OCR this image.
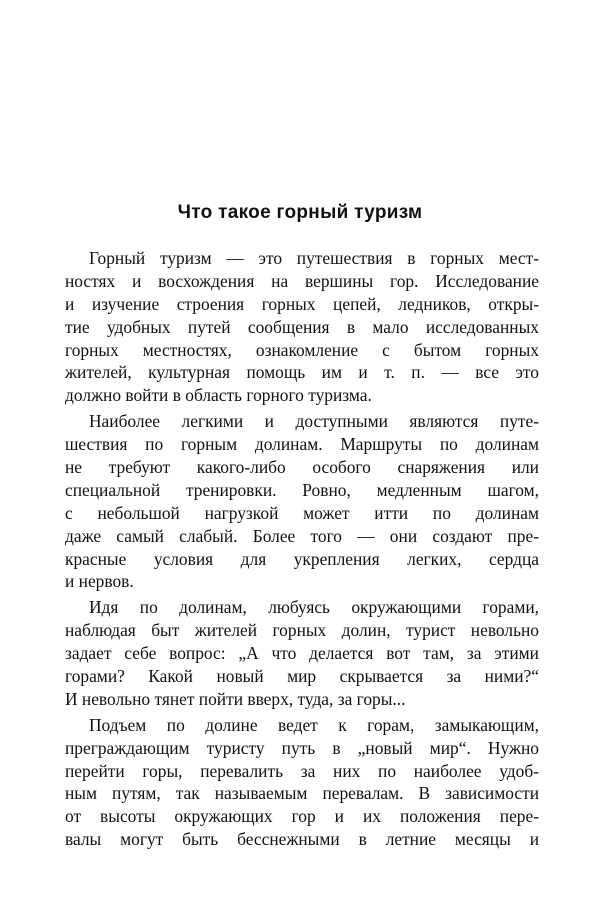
Что такое горный туризм
Горный туризм — это путешествия в горных мест-
ностях и восхождения на вершины гор. Исследование
и изучение строения горных цепей, ледников, откры-
тие удобных путей сообщения в мало исследованных
горных местностях, ознакомление с бытом горных
жителей, культурная помощь им и т. п. — все это
должно войти в область горного туризма.
Наиболее легкими и доступными являются путе-
шествия по горным долинам. Маршруты по долинам
не требуют какого-либо особого снаряжения или
специальной тренировки. Ровно, медленным шагом,
с небольшой нагрузкой может итти по долинам
даже самый слабый. Более того — они создают пре-
красные условия для укрепления легких, сердца
и нервов.
Идя по долинам, любуясь окружающими горами,
наблюдая быт жителей горных долин, турист невольно
задает себе вопрос: „А что делается вот там, за этими
горами? Какой новый мир скрывается за ними?“
И невольно тянет пойти вверх, туда, за горы...
Подъем по долине ведет к горам, замыкающим,
преграждающим туристу путь в „новый мир“. Нужно
перейти горы, перевалить за них по наиболее удоб-
ным путям, так называемым перевалам. В зависимости
от высоты окружающих гор и их положения пере-
валы могут быть бесснежными в летние месяцы и
